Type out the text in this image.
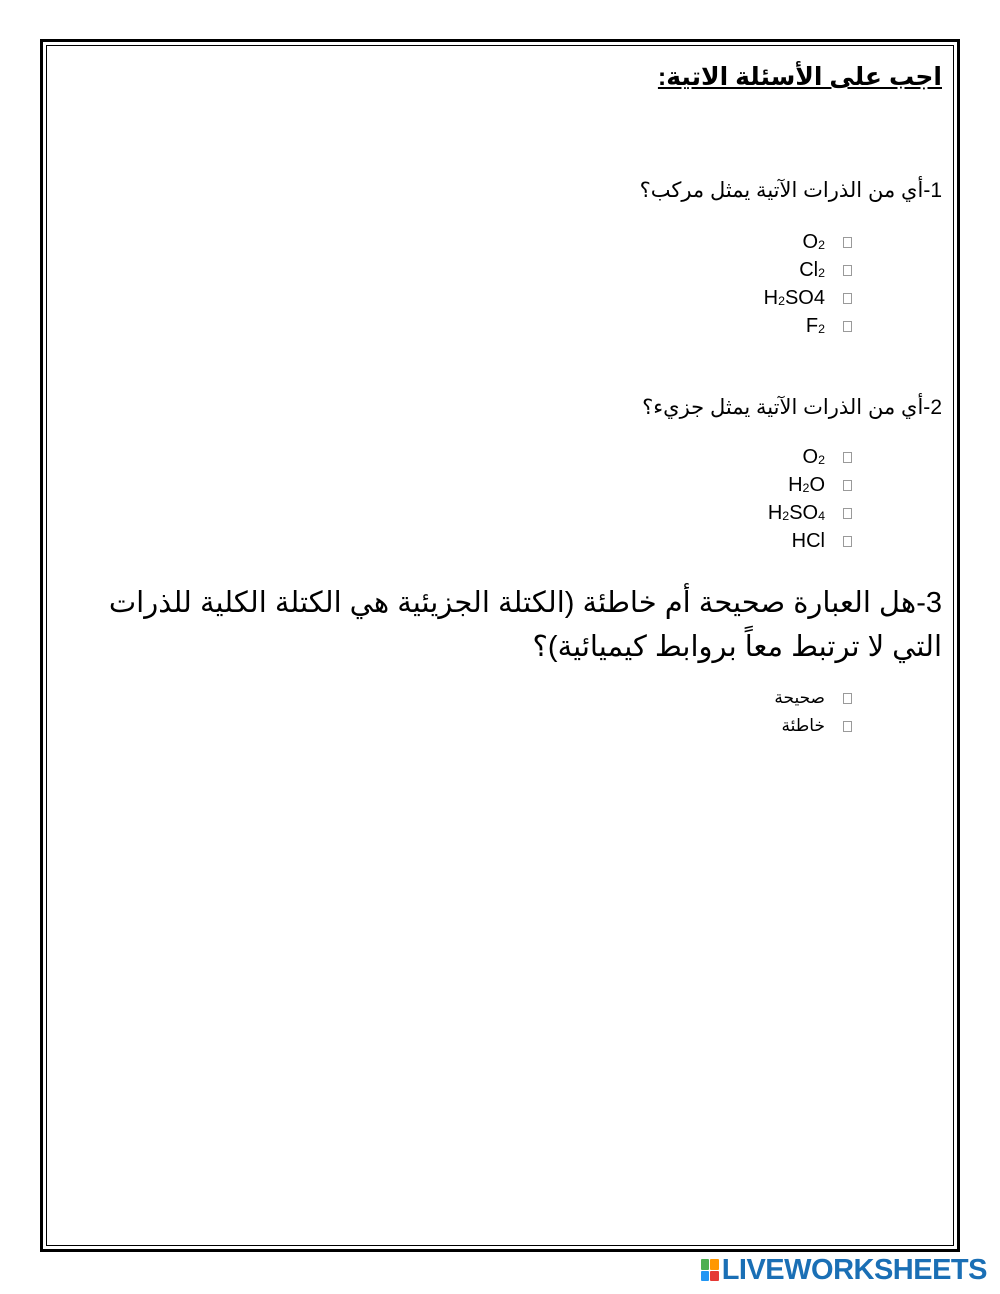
اجب على الأسئلة الاتية:
1-أي من الذرات الآتية يمثل مركب؟
$O_2$
$Cl_2$
$H_2SO4$
$F_2$
2-أي من الذرات الآتية يمثل جزيء؟
$O_2$
$H_2O$
$H_2SO_4$
HCl
3-هل العبارة صحيحة أم خاطئة (الكتلة الجزيئية هي الكتلة الكلية للذرات التي لا ترتبط معاً بروابط كيميائية)؟
صحيحة
خاطئة
LIVEWORKSHEETS
